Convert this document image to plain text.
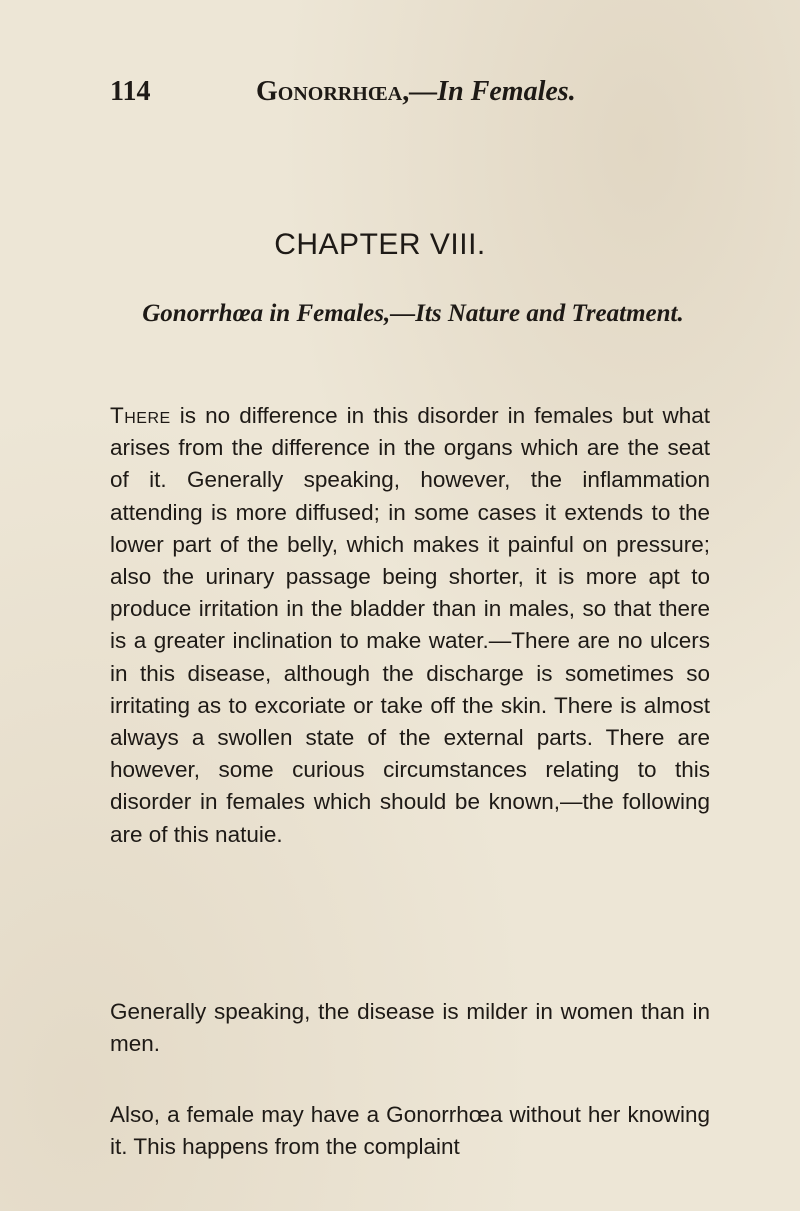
114	Gonorrhœa,—In Females.
CHAPTER VIII.
Gonorrhœa in Females,—Its Nature and Treatment.

There is no difference in this disorder in females but what arises from the difference in the organs which are the seat of it. Generally speaking, however, the inflammation attending is more diffused; in some cases it extends to the lower part of the belly, which makes it painful on pressure; also the urinary passage being shorter, it is more apt to produce irritation in the bladder than in males, so that there is a greater inclination to make water.—There are no ulcers in this disease, although the discharge is sometimes so irritating as to excoriate or take off the skin. There is almost always a swollen state of the external parts. There are however, some curious circumstances relating to this disorder in females which should be known,—the following are of this natuie.

Generally speaking, the disease is milder in women than in men.

Also, a female may have a Gonorrhœa without her knowing it. This happens from the complaint
